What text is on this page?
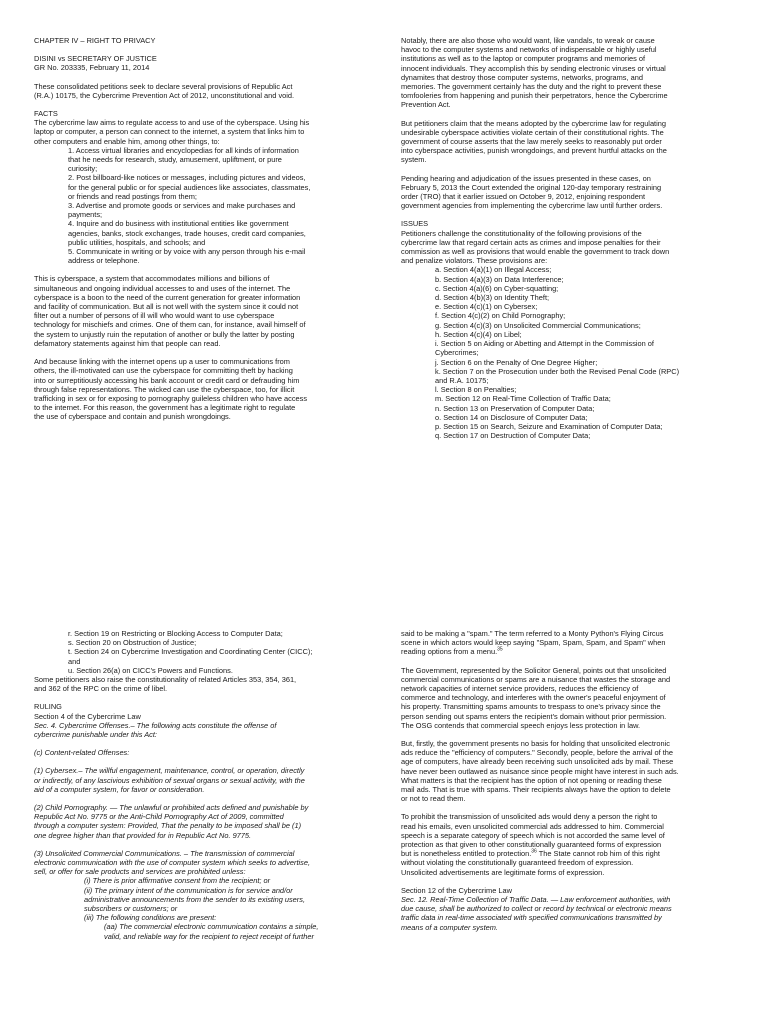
CHAPTER IV – RIGHT TO PRIVACY

DISINI vs SECRETARY OF JUSTICE

GR No. 203335, February 11, 2014

These consolidated petitions seek to declare several provisions of Republic Act

(R.A.) 10175, the Cybercrime Prevention Act of 2012, unconstitutional and void.

FACTS

The cybercrime law aims to regulate access to and use of the cyberspace. Using his

laptop or computer, a person can connect to the internet, a system that links him to

other computers and enable him, among other things, to:

1. Access virtual libraries and encyclopedias for all kinds of information

that he needs for research, study, amusement, upliftment, or pure

curiosity;

2. Post billboard-like notices or messages, including pictures and videos,

for the general public or for special audiences like associates, classmates,

or friends and read postings from them;

3. Advertise and promote goods or services and make purchases and

payments;

4. Inquire and do business with institutional entities like government

agencies, banks, stock exchanges, trade houses, credit card companies,

public utilities, hospitals, and schools; and

5. Communicate in writing or by voice with any person through his e-mail

address or telephone.

This is cyberspace, a system that accommodates millions and billions of

simultaneous and ongoing individual accesses to and uses of the internet. The

cyberspace is a boon to the need of the current generation for greater information

and facility of communication. But all is not well with the system since it could not

filter out a number of persons of ill will who would want to use cyberspace

technology for mischiefs and crimes. One of them can, for instance, avail himself of

the system to unjustly ruin the reputation of another or bully the latter by posting

defamatory statements against him that people can read.

And because linking with the internet opens up a user to communications from

others, the ill-motivated can use the cyberspace for committing theft by hacking

into or surreptitiously accessing his bank account or credit card or defrauding him

through false representations. The wicked can use the cyberspace, too, for illicit

trafficking in sex or for exposing to pornography guileless children who have access

to the internet. For this reason, the government has a legitimate right to regulate

the use of cyberspace and contain and punish wrongdoings.

Notably, there are also those who would want, like vandals, to wreak or cause

havoc to the computer systems and networks of indispensable or highly useful

institutions as well as to the laptop or computer programs and memories of

innocent individuals. They accomplish this by sending electronic viruses or virtual

dynamites that destroy those computer systems, networks, programs, and

memories. The government certainly has the duty and the right to prevent these

tomfooleries from happening and punish their perpetrators, hence the Cybercrime

Prevention Act.

But petitioners claim that the means adopted by the cybercrime law for regulating

undesirable cyberspace activities violate certain of their constitutional rights. The

government of course asserts that the law merely seeks to reasonably put order

into cyberspace activities, punish wrongdoings, and prevent hurtful attacks on the

system.

Pending hearing and adjudication of the issues presented in these cases, on

February 5, 2013 the Court extended the original 120-day temporary restraining

order (TRO) that it earlier issued on October 9, 2012, enjoining respondent

government agencies from implementing the cybercrime law until further orders.

ISSUES

Petitioners challenge the constitutionality of the following provisions of the

cybercrime law that regard certain acts as crimes and impose penalties for their

commission as well as provisions that would enable the government to track down

and penalize violators. These provisions are:

a. Section 4(a)(1) on Illegal Access;

b. Section 4(a)(3) on Data Interference;

c. Section 4(a)(6) on Cyber-squatting;

d. Section 4(b)(3) on Identity Theft;

e. Section 4(c)(1) on Cybersex;

f. Section 4(c)(2) on Child Pornography;

g. Section 4(c)(3) on Unsolicited Commercial Communications;

h. Section 4(c)(4) on Libel;

i. Section 5 on Aiding or Abetting and Attempt in the Commission of

Cybercrimes;

j. Section 6 on the Penalty of One Degree Higher;

k. Section 7 on the Prosecution under both the Revised Penal Code (RPC)

and R.A. 10175;

l. Section 8 on Penalties;

m. Section 12 on Real-Time Collection of Traffic Data;

n. Section 13 on Preservation of Computer Data;

o. Section 14 on Disclosure of Computer Data;

p. Section 15 on Search, Seizure and Examination of Computer Data;

q. Section 17 on Destruction of Computer Data;

r. Section 19 on Restricting or Blocking Access to Computer Data;

s. Section 20 on Obstruction of Justice;

t. Section 24 on Cybercrime Investigation and Coordinating Center (CICC);

and

u. Section 26(a) on CICC's Powers and Functions.

Some petitioners also raise the constitutionality of related Articles 353, 354, 361,

and 362 of the RPC on the crime of libel.

RULING

Section 4 of the Cybercrime Law

Sec. 4. Cybercrime Offenses.– The following acts constitute the offense of

cybercrime punishable under this Act:

(c) Content-related Offenses:

(1) Cybersex.– The willful engagement, maintenance, control, or operation, directly

or indirectly, of any lascivious exhibition of sexual organs or sexual activity, with the

aid of a computer system, for favor or consideration.

(2) Child Pornography. — The unlawful or prohibited acts defined and punishable by

Republic Act No. 9775 or the Anti-Child Pornography Act of 2009, committed

through a computer system: Provided, That the penalty to be imposed shall be (1)

one degree higher than that provided for in Republic Act No. 9775.

(3) Unsolicited Commercial Communications. – The transmission of commercial

electronic communication with the use of computer system which seeks to advertise,

sell, or offer for sale products and services are prohibited unless:

(i) There is prior affirmative consent from the recipient; or

(ii) The primary intent of the communication is for service and/or

administrative announcements from the sender to its existing users,

subscribers or customers; or

(iii) The following conditions are present:

(aa) The commercial electronic communication contains a simple,

valid, and reliable way for the recipient to reject receipt of further

said to be making a "spam." The term referred to a Monty Python's Flying Circus

scene in which actors would keep saying "Spam, Spam, Spam, and Spam" when

reading options from a menu.$^{35}$

The Government, represented by the Solicitor General, points out that unsolicited

commercial communications or spams are a nuisance that wastes the storage and

network capacities of internet service providers, reduces the efficiency of

commerce and technology, and interferes with the owner's peaceful enjoyment of

his property. Transmitting spams amounts to trespass to one's privacy since the

person sending out spams enters the recipient's domain without prior permission.

The OSG contends that commercial speech enjoys less protection in law.

But, firstly, the government presents no basis for holding that unsolicited electronic

ads reduce the "efficiency of computers." Secondly, people, before the arrival of the

age of computers, have already been receiving such unsolicited ads by mail. These

have never been outlawed as nuisance since people might have interest in such ads.

What matters is that the recipient has the option of not opening or reading these

mail ads. That is true with spams. Their recipients always have the option to delete

or not to read them.

To prohibit the transmission of unsolicited ads would deny a person the right to

read his emails, even unsolicited commercial ads addressed to him. Commercial

speech is a separate category of speech which is not accorded the same level of

protection as that given to other constitutionally guaranteed forms of expression

but is nonetheless entitled to protection.$^{36}$ The State cannot rob him of this right

without violating the constitutionally guaranteed freedom of expression.

Unsolicited advertisements are legitimate forms of expression.

Section 12 of the Cybercrime Law

Sec. 12. Real-Time Collection of Traffic Data. — Law enforcement authorities, with

due cause, shall be authorized to collect or record by technical or electronic means

traffic data in real-time associated with specified communications transmitted by

means of a computer system.
